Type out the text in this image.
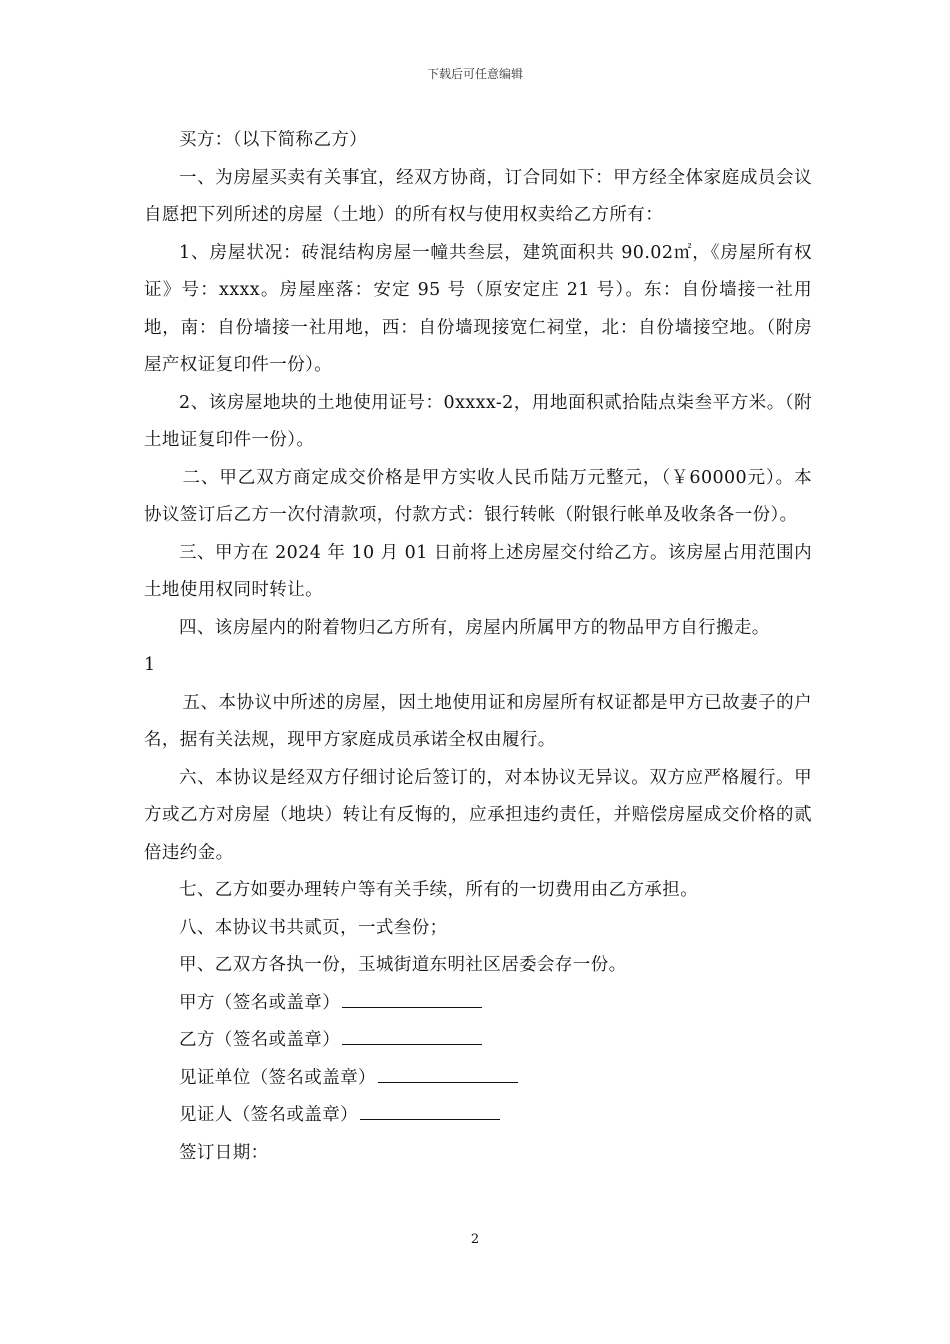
下载后可任意编辑

买方：（以下简称乙方）

一、为房屋买卖有关事宜，经双方协商，订合同如下：甲方经全体家庭成员会议自愿把下列所述的房屋（土地）的所有权与使用权卖给乙方所有：

1、房屋状况：砖混结构房屋一幢共叁层，建筑面积共 90.02㎡，《房屋所有权证》号：xxxx。房屋座落：安定 95 号（原安定庄 21 号）。东：自份墙接一社用地，南：自份墙接一社用地，西：自份墙现接宽仁祠堂，北：自份墙接空地。（附房屋产权证复印件一份）。

2、该房屋地块的土地使用证号：0xxxx-2，用地面积贰拾陆点柒叁平方米。（附土地证复印件一份）。

二、甲乙双方商定成交价格是甲方实收人民币陆万元整元，（￥60000元）。本协议签订后乙方一次付清款项，付款方式：银行转帐（附银行帐单及收条各一份）。

三、甲方在 2024 年 10 月 01 日前将上述房屋交付给乙方。该房屋占用范围内土地使用权同时转让。

四、该房屋内的附着物归乙方所有，房屋内所属甲方的物品甲方自行搬走。

1

五、本协议中所述的房屋，因土地使用证和房屋所有权证都是甲方已故妻子的户名，据有关法规，现甲方家庭成员承诺全权由履行。

六、本协议是经双方仔细讨论后签订的，对本协议无异议。双方应严格履行。甲方或乙方对房屋（地块）转让有反悔的，应承担违约责任，并赔偿房屋成交价格的贰倍违约金。

七、乙方如要办理转户等有关手续，所有的一切费用由乙方承担。

八、本协议书共贰页，一式叁份；

甲、乙双方各执一份，玉城街道东明社区居委会存一份。

甲方（签名或盖章）

乙方（签名或盖章）

见证单位（签名或盖章）

见证人（签名或盖章）

签订日期：

2
